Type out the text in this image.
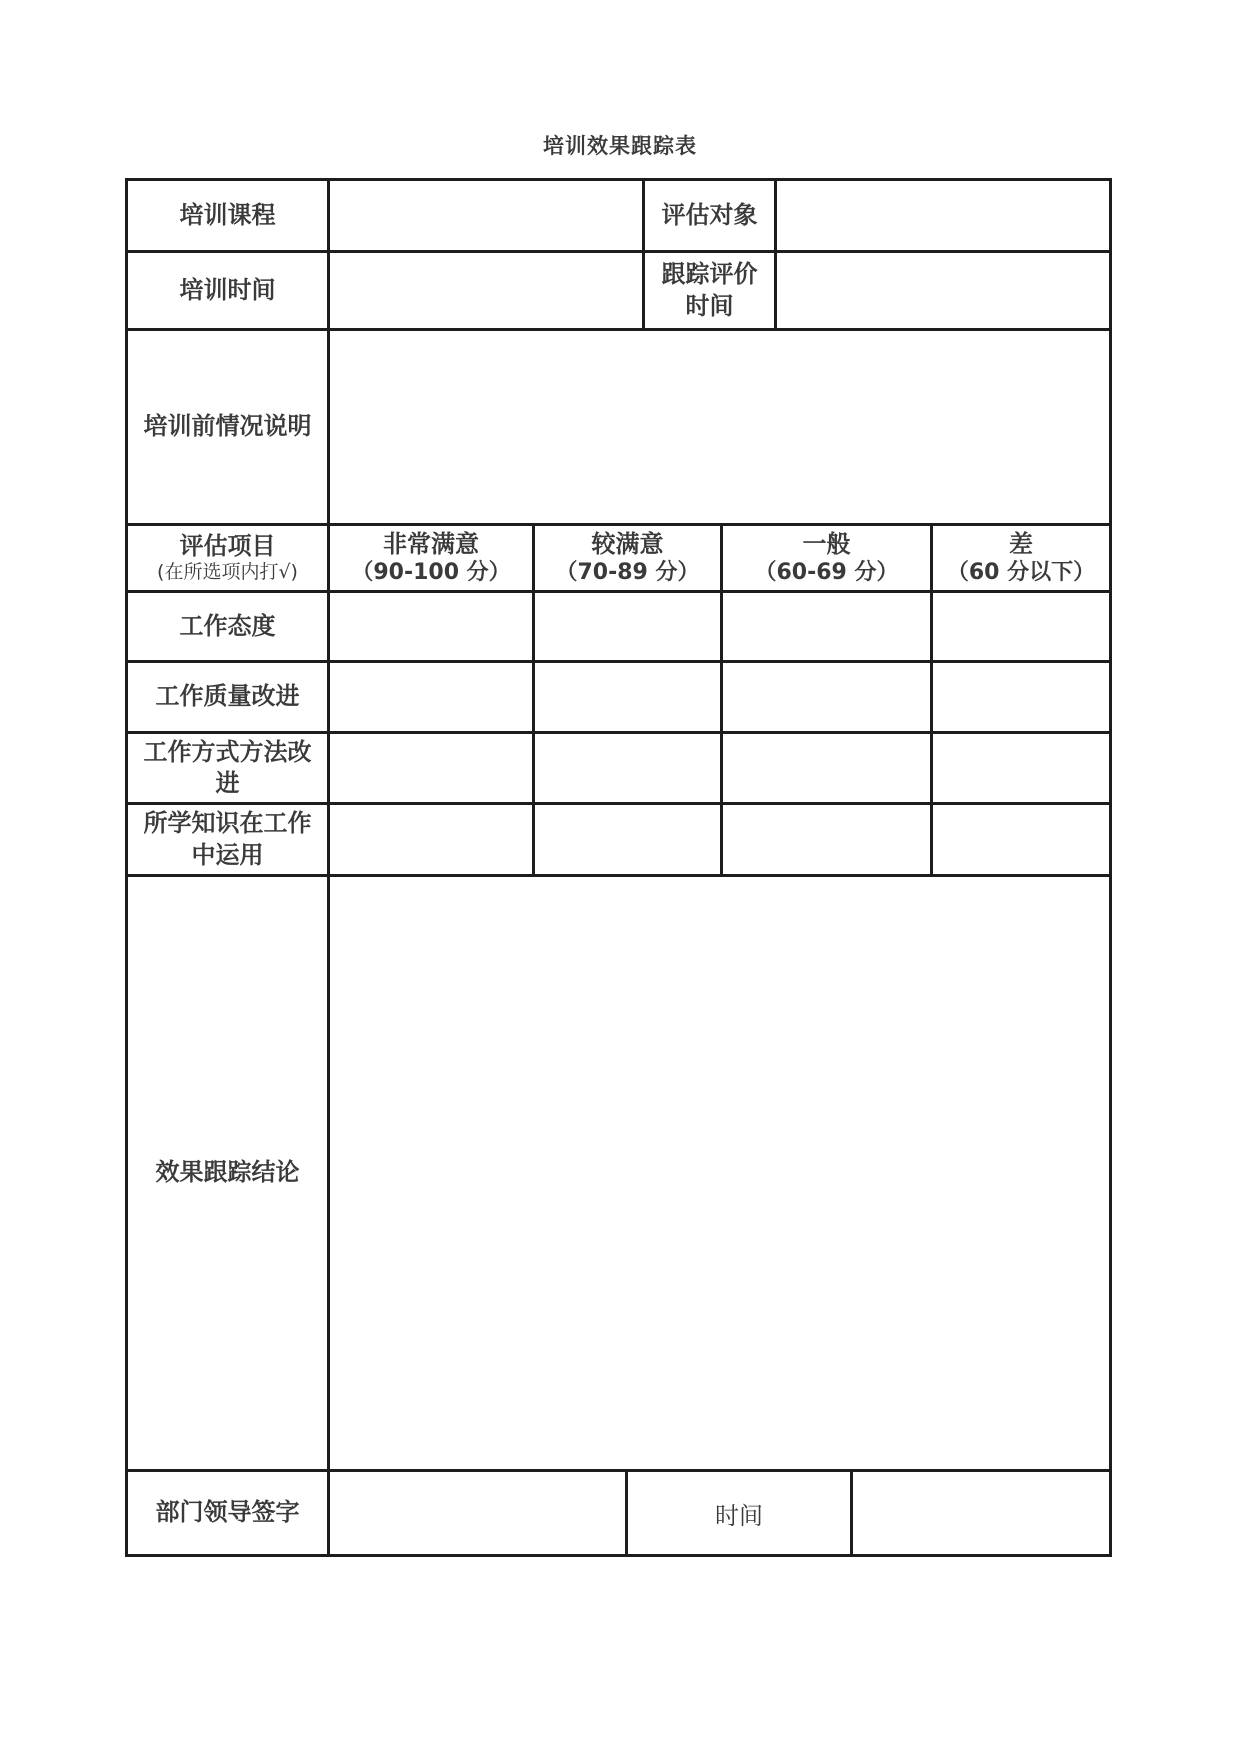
培训效果跟踪表
培训课程	评估对象
培训时间
跟踪评价时间
培训前情况说明
评估项目
(在所选项内打√)
非常满意
（90-100 分）
较满意
（70-89 分）
一般
（60-69 分）
差
（60 分以下）
工作态度
工作质量改进
工作方式方法改进
所学知识在工作中运用
效果跟踪结论
部门领导签字	时间
